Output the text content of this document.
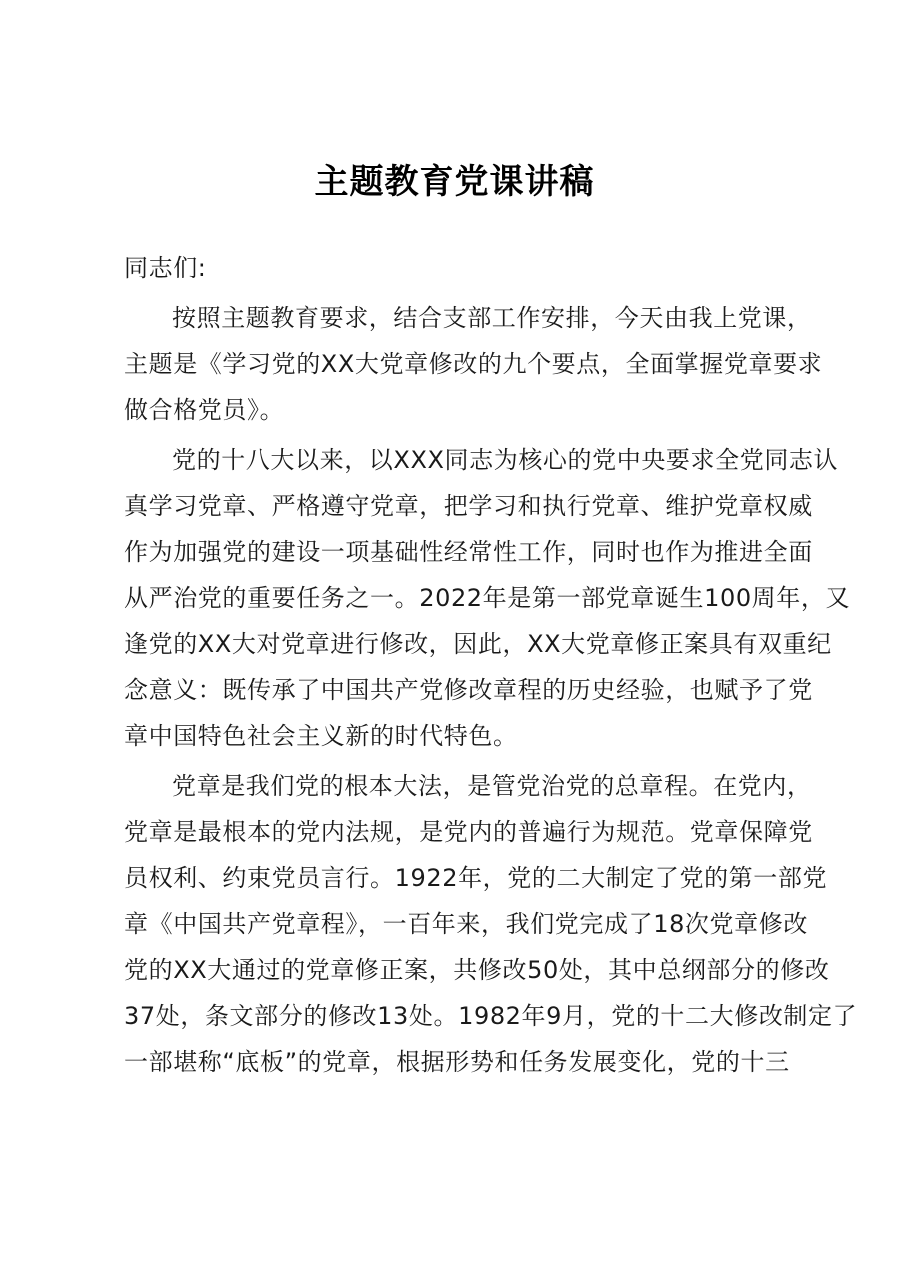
主题教育党课讲稿
同志们:
按照主题教育要求，结合支部工作安排，今天由我上党课，
主题是《学习党的XX大党章修改的九个要点，全面掌握党章要求
做合格党员》。
党的十八大以来，以XXX同志为核心的党中央要求全党同志认
真学习党章、严格遵守党章，把学习和执行党章、维护党章权威
作为加强党的建设一项基础性经常性工作，同时也作为推进全面
从严治党的重要任务之一。2022年是第一部党章诞生100周年，又
逢党的XX大对党章进行修改，因此，XX大党章修正案具有双重纪
念意义：既传承了中国共产党修改章程的历史经验，也赋予了党
章中国特色社会主义新的时代特色。
党章是我们党的根本大法，是管党治党的总章程。在党内，
党章是最根本的党内法规，是党内的普遍行为规范。党章保障党
员权利、约束党员言行。1922年，党的二大制定了党的第一部党
章《中国共产党章程》，一百年来，我们党完成了18次党章修改
党的XX大通过的党章修正案，共修改50处，其中总纲部分的修改
37处，条文部分的修改13处。1982年9月，党的十二大修改制定了
一部堪称“底板”的党章，根据形势和任务发展变化，党的十三
